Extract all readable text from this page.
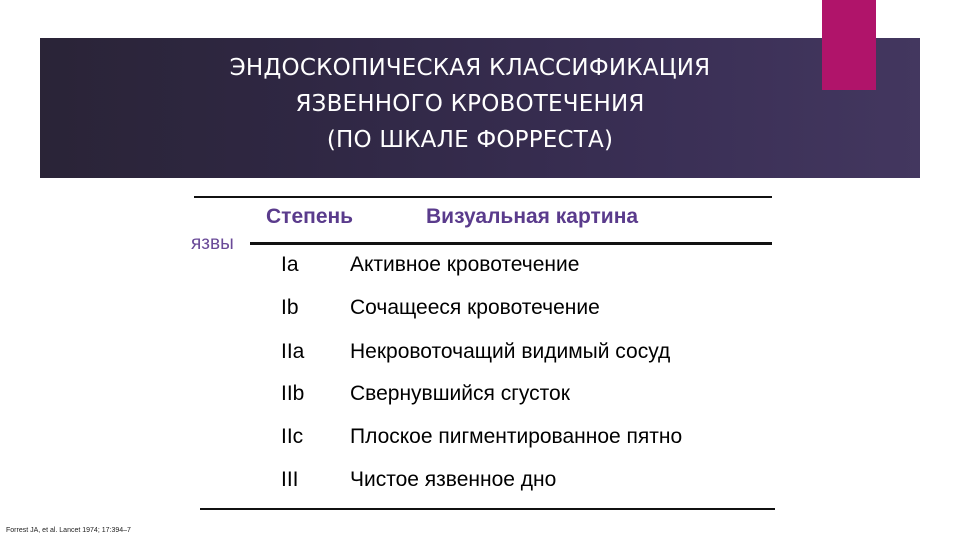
ЭНДОСКОПИЧЕСКАЯ КЛАССИФИКАЦИЯ
ЯЗВЕННОГО КРОВОТЕЧЕНИЯ
(ПО ШКАЛЕ ФОРРЕСТА)
Степень
язвы
Визуальная картина
Ia Активное кровотечение
Ib Сочащееся кровотечение
IIa Некровоточащий видимый сосуд
IIb Свернувшийся сгусток
IIc Плоское пигментированное пятно
III Чистое язвенное дно
Forrest JA, et al. Lancet 1974; 17:394–7
